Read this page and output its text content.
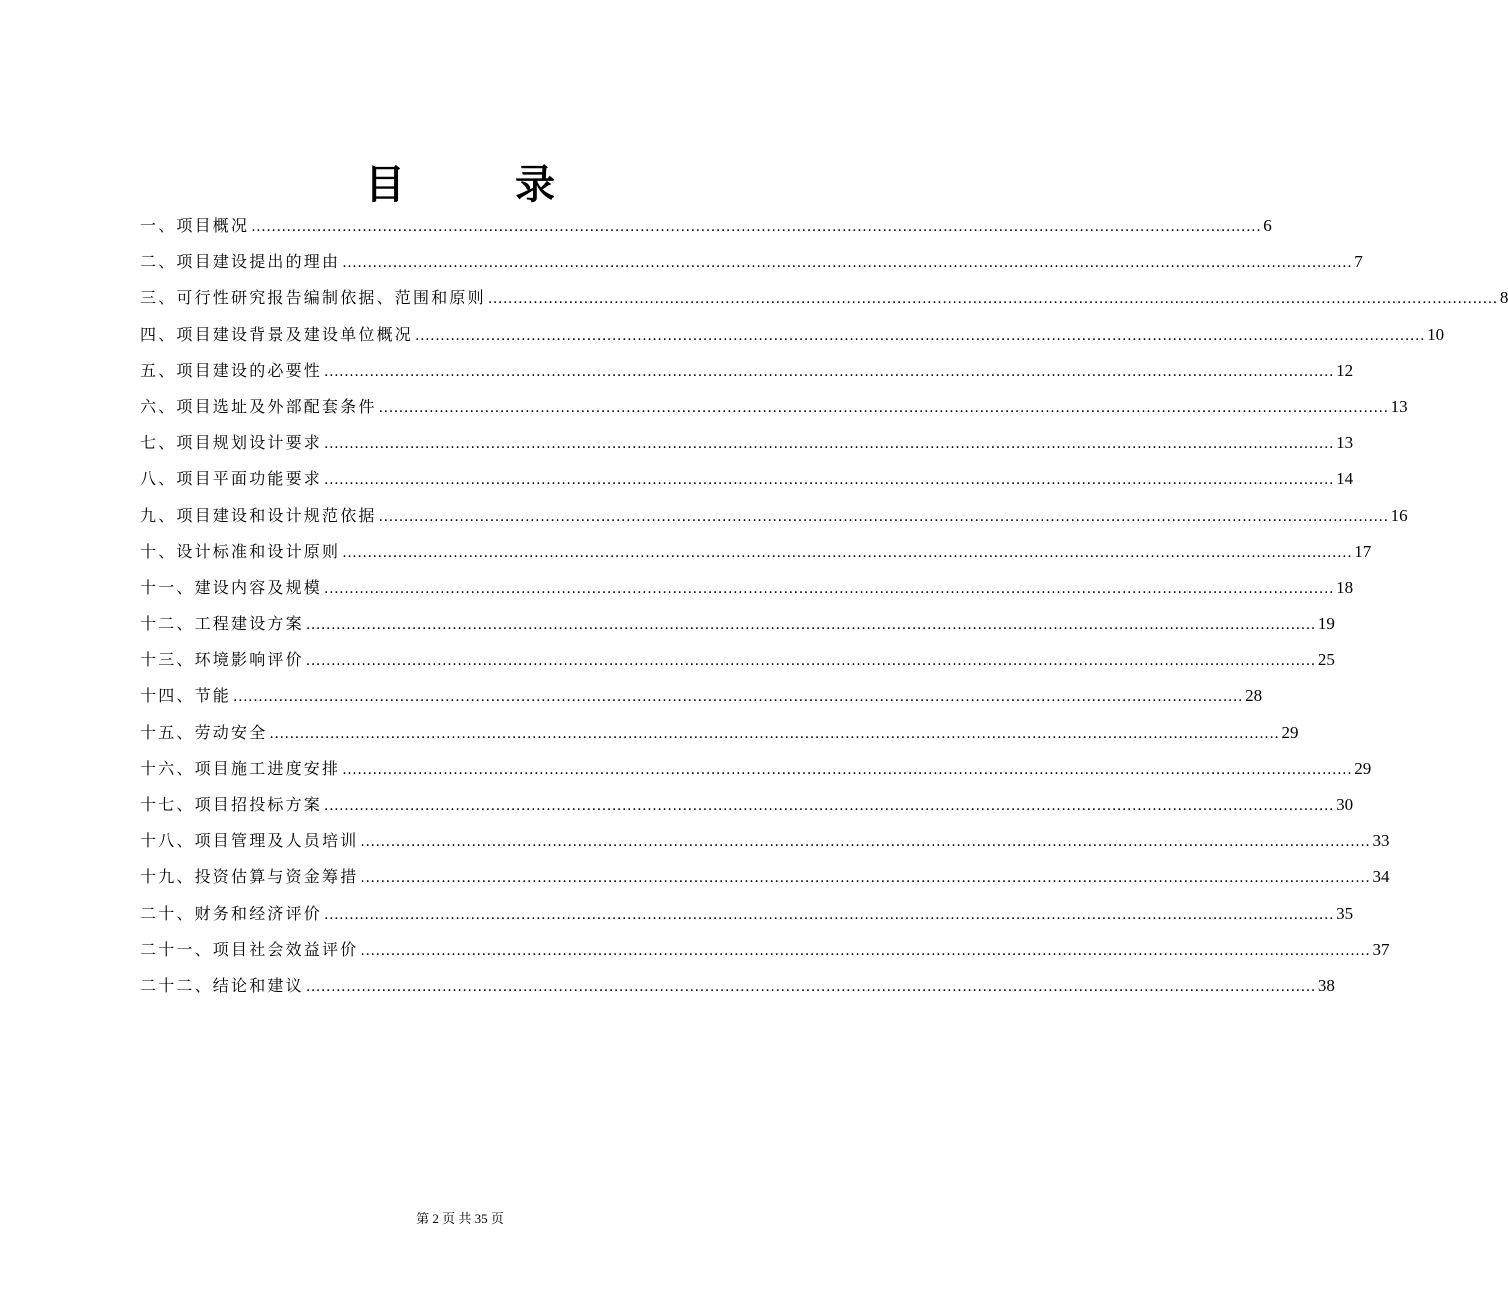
目 录
一、项目概况 ........................................................................................................................................................................................................ 6
二、项目建设提出的理由 ........................................................................................................................................................................................................ 7
三、可行性研究报告编制依据、范围和原则 ........................................................................................................................................................................................................ 8
四、项目建设背景及建设单位概况 ........................................................................................................................................................................................................ 10
五、项目建设的必要性 ........................................................................................................................................................................................................ 12
六、项目选址及外部配套条件 ........................................................................................................................................................................................................ 13
七、项目规划设计要求 ........................................................................................................................................................................................................ 13
八、项目平面功能要求 ........................................................................................................................................................................................................ 14
九、项目建设和设计规范依据 ........................................................................................................................................................................................................ 16
十、设计标准和设计原则 ........................................................................................................................................................................................................ 17
十一、建设内容及规模 ........................................................................................................................................................................................................ 18
十二、工程建设方案 ........................................................................................................................................................................................................ 19
十三、环境影响评价 ........................................................................................................................................................................................................ 25
十四、节能 ........................................................................................................................................................................................................ 28
十五、劳动安全 ........................................................................................................................................................................................................ 29
十六、项目施工进度安排 ........................................................................................................................................................................................................ 29
十七、项目招投标方案 ........................................................................................................................................................................................................ 30
十八、项目管理及人员培训 ........................................................................................................................................................................................................ 33
十九、投资估算与资金筹措 ........................................................................................................................................................................................................ 34
二十、财务和经济评价 ........................................................................................................................................................................................................ 35
二十一、项目社会效益评价 ........................................................................................................................................................................................................ 37
二十二、结论和建议 ........................................................................................................................................................................................................ 38
第 2 页 共 35 页
